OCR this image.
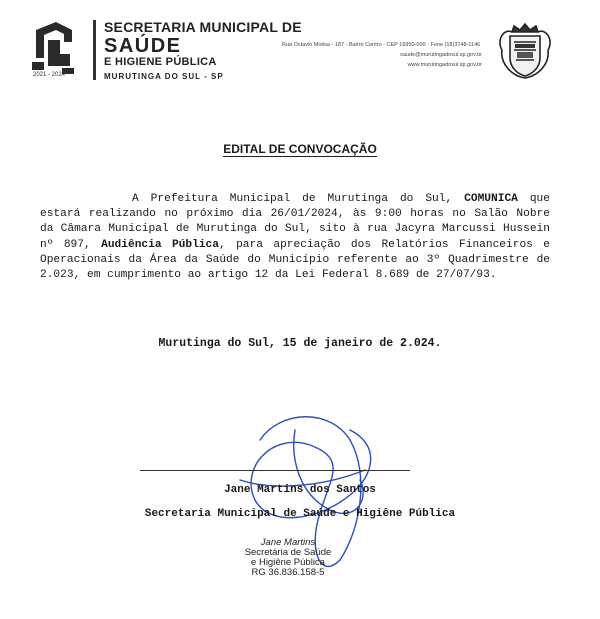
2021 - 2024
SECRETARIA MUNICIPAL DE
SAÚDE
E HIGIENE PÚBLICA
MURUTINGA DO SUL - SP
Rua Octavio Motisa - 187 - Bairro Centro - CEP 16950-000 - Fone (18)3748-1146
saude@murutingadosul.sp.gov.br
www.murutingadosul.sp.gov.br
EDITAL DE CONVOCAÇÃO
A Prefeitura Municipal de Murutinga do Sul, COMUNICA que estará realizando no próximo dia 26/01/2024, às 9:00 horas no Salão Nobre da Câmara Municipal de Murutinga do Sul, sito à rua Jacyra Marcussi Hussein nº 897, Audiência Pública, para apreciação dos Relatórios Financeiros e Operacionais da Área da Saúde do Município referente ao 3º Quadrimestre de 2.023, em cumprimento ao artigo 12 da Lei Federal 8.689 de 27/07/93.
Murutinga do Sul, 15 de janeiro de 2.024.
Jane Martins dos Santos
Secretaria Municipal de Saúde e Higiêne Pública
Jane Martins
Secretária de Saúde
e Higiêne Pública
RG 36.836.158-5
